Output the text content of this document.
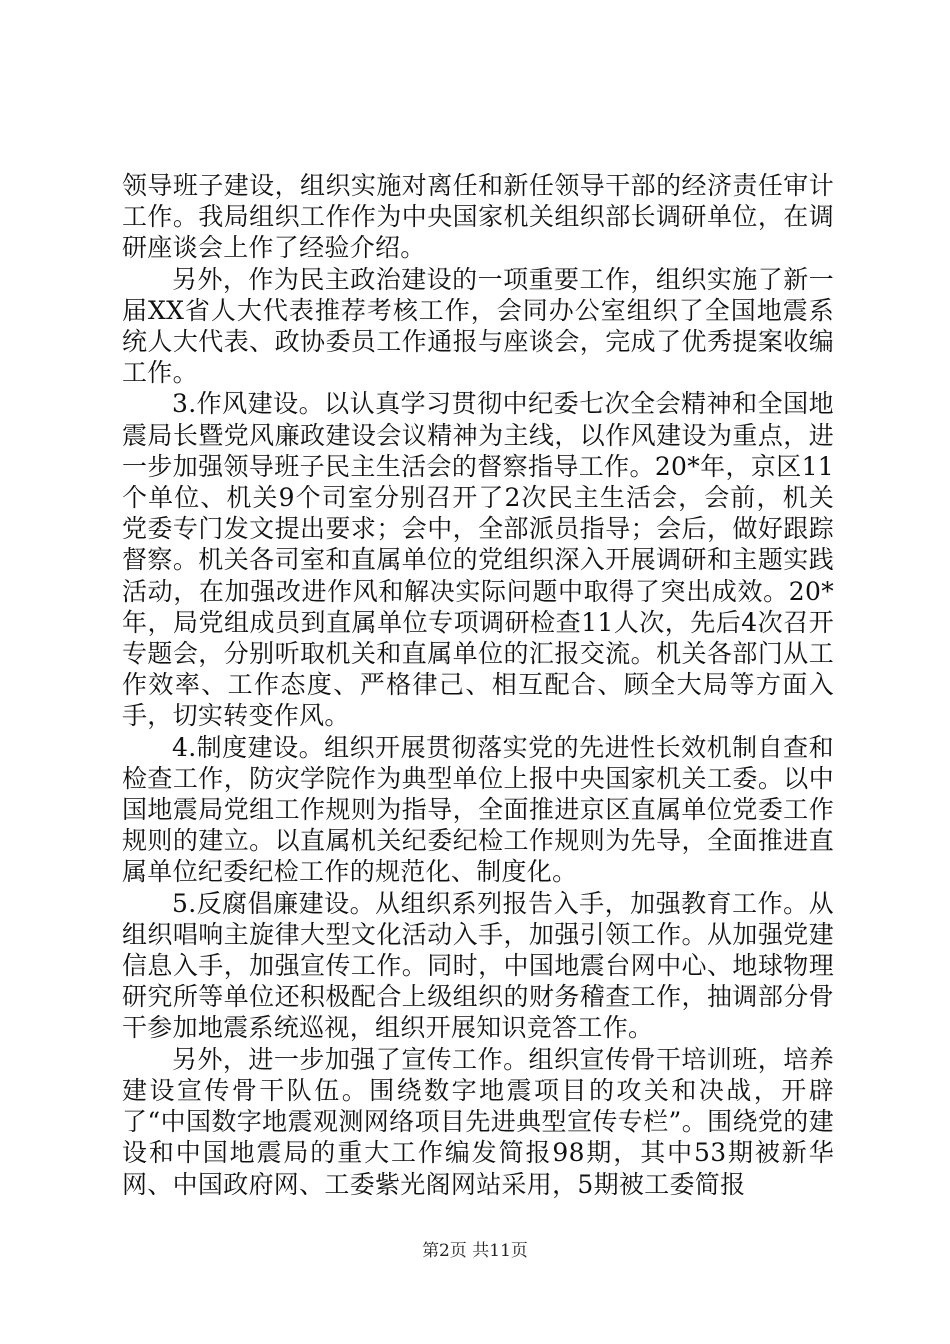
领导班子建设，组织实施对离任和新任领导干部的经济责任审计工作。我局组织工作作为中央国家机关组织部长调研单位，在调研座谈会上作了经验介绍。

另外，作为民主政治建设的一项重要工作，组织实施了新一届XX省人大代表推荐考核工作，会同办公室组织了全国地震系统人大代表、政协委员工作通报与座谈会，完成了优秀提案收编工作。

3.作风建设。以认真学习贯彻中纪委七次全会精神和全国地震局长暨党风廉政建设会议精神为主线，以作风建设为重点，进一步加强领导班子民主生活会的督察指导工作。20*年，京区11个单位、机关9个司室分别召开了2次民主生活会，会前，机关党委专门发文提出要求；会中，全部派员指导；会后，做好跟踪督察。机关各司室和直属单位的党组织深入开展调研和主题实践活动，在加强改进作风和解决实际问题中取得了突出成效。20*年，局党组成员到直属单位专项调研检查11人次，先后4次召开专题会，分别听取机关和直属单位的汇报交流。机关各部门从工作效率、工作态度、严格律己、相互配合、顾全大局等方面入手，切实转变作风。

4.制度建设。组织开展贯彻落实党的先进性长效机制自查和检查工作，防灾学院作为典型单位上报中央国家机关工委。以中国地震局党组工作规则为指导，全面推进京区直属单位党委工作规则的建立。以直属机关纪委纪检工作规则为先导，全面推进直属单位纪委纪检工作的规范化、制度化。

5.反腐倡廉建设。从组织系列报告入手，加强教育工作。从组织唱响主旋律大型文化活动入手，加强引领工作。从加强党建信息入手，加强宣传工作。同时，中国地震台网中心、地球物理研究所等单位还积极配合上级组织的财务稽查工作，抽调部分骨干参加地震系统巡视，组织开展知识竞答工作。

另外，进一步加强了宣传工作。组织宣传骨干培训班，培养建设宣传骨干队伍。围绕数字地震项目的攻关和决战，开辟了“中国数字地震观测网络项目先进典型宣传专栏”。围绕党的建设和中国地震局的重大工作编发简报98期，其中53期被新华网、中国政府网、工委紫光阁网站采用，5期被工委简报

第2页 共11页
